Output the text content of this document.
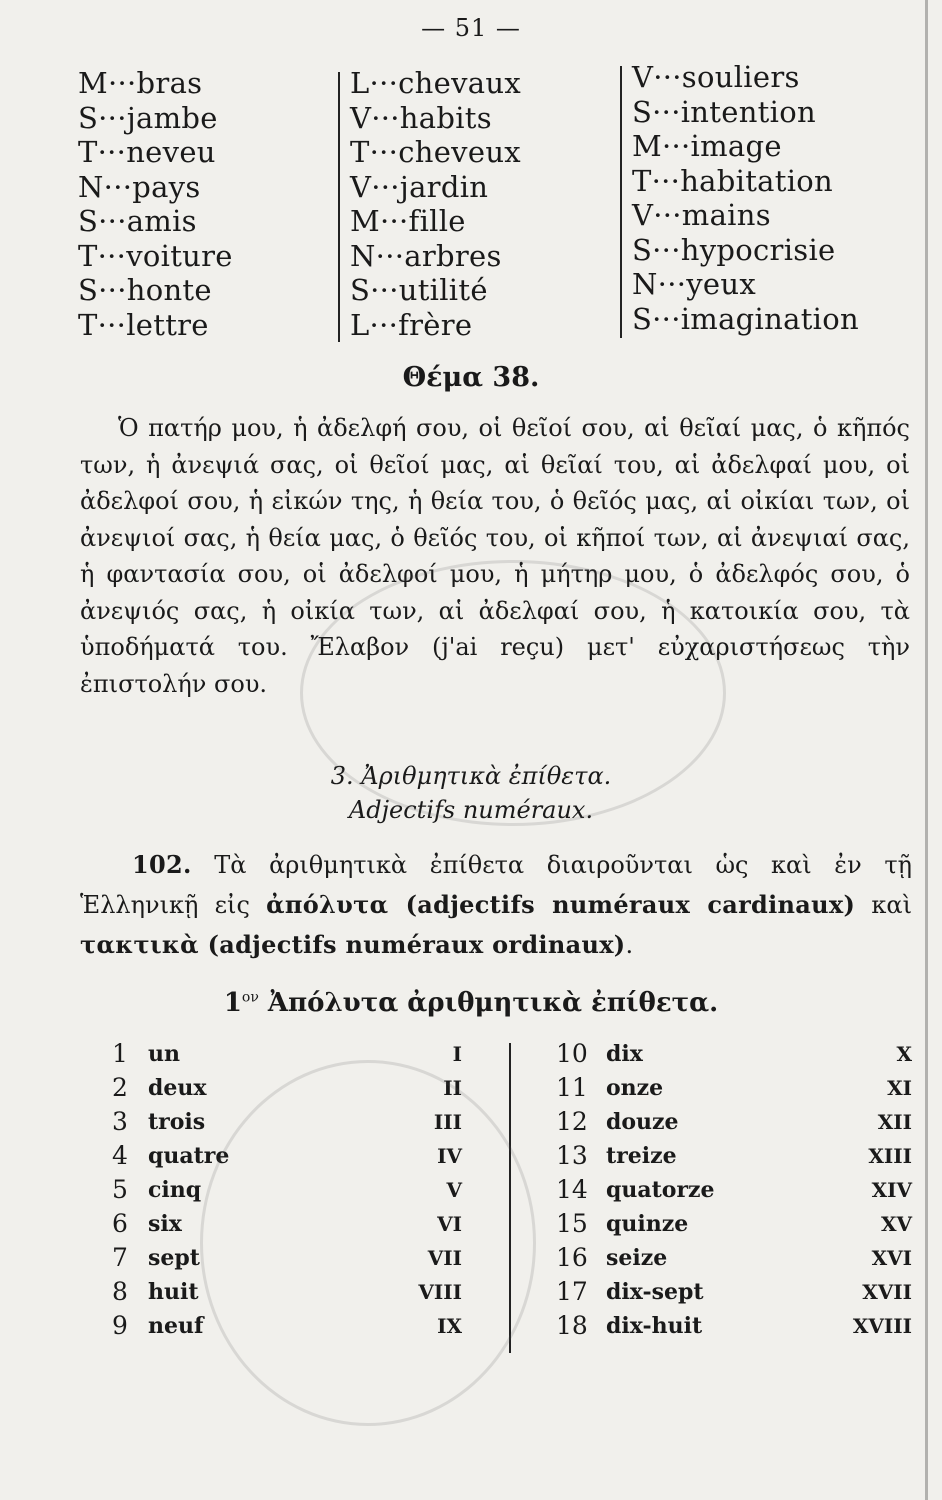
— 51 —
M···bras
S···jambe
T···neveu
N···pays
S···amis
T···voiture
S···honte
T···lettre
L···chevaux
V···habits
T···cheveux
V···jardin
M···fille
N···arbres
S···utilité
L···frère
V···souliers
S···intention
M···image
T···habitation
V···mains
S···hypocrisie
N···yeux
S···imagination
Θέμα 38.

Ὁ πατήρ μου, ἡ ἀδελφή σου, οἱ θεῖοί σου, αἱ θεῖαί μας, ὁ κῆπός των, ἡ ἀνεψιά σας, οἱ θεῖοί μας, αἱ θεῖαί του, αἱ ἀδελφαί μου, οἱ ἀδελφοί σου, ἡ εἰκών της, ἡ θεία του, ὁ θεῖός μας, αἱ οἰκίαι των, οἱ ἀνεψιοί σας, ἡ θεία μας, ὁ θεῖός του, οἱ κῆποί των, αἱ ἀνεψιαί σας, ἡ φαντασία σου, οἱ ἀδελφοί μου, ἡ μήτηρ μου, ὁ ἀδελφός σου, ὁ ἀνεψιός σας, ἡ οἰκία των, αἱ ἀδελφαί σου, ἡ κατοικία σου, τὰ ὑποδήματά του. Ἔλαβον (j'ai reçu) μετ' εὐχαριστήσεως τὴν ἐπιστολήν σου.

3. Ἀριθμητικὰ ἐπίθετα.
Adjectifs numéraux.

102. Τὰ ἀριθμητικὰ ἐπίθετα διαιροῦνται ὡς καὶ ἐν τῇ Ἑλληνικῇ εἰς ἀπόλυτα (adjectifs numéraux cardinaux) καὶ τακτικὰ (adjectifs numéraux ordinaux).

$1^{o\nu}$ Ἀπόλυτα ἀριθμητικὰ ἐπίθετα.
1 un	I
2 deux	II
3 trois	III
4 quatre	IV
5 cinq	V
6 six	VI
7 sept	VII
8 huit	VIII
9 neuf	IX
10 dix	X
11 onze	XI
12 douze	XII
13 treize	XIII
14 quatorze	XIV
15 quinze	XV
16 seize	XVI
17 dix-sept	XVII
18 dix-huit	XVIII
